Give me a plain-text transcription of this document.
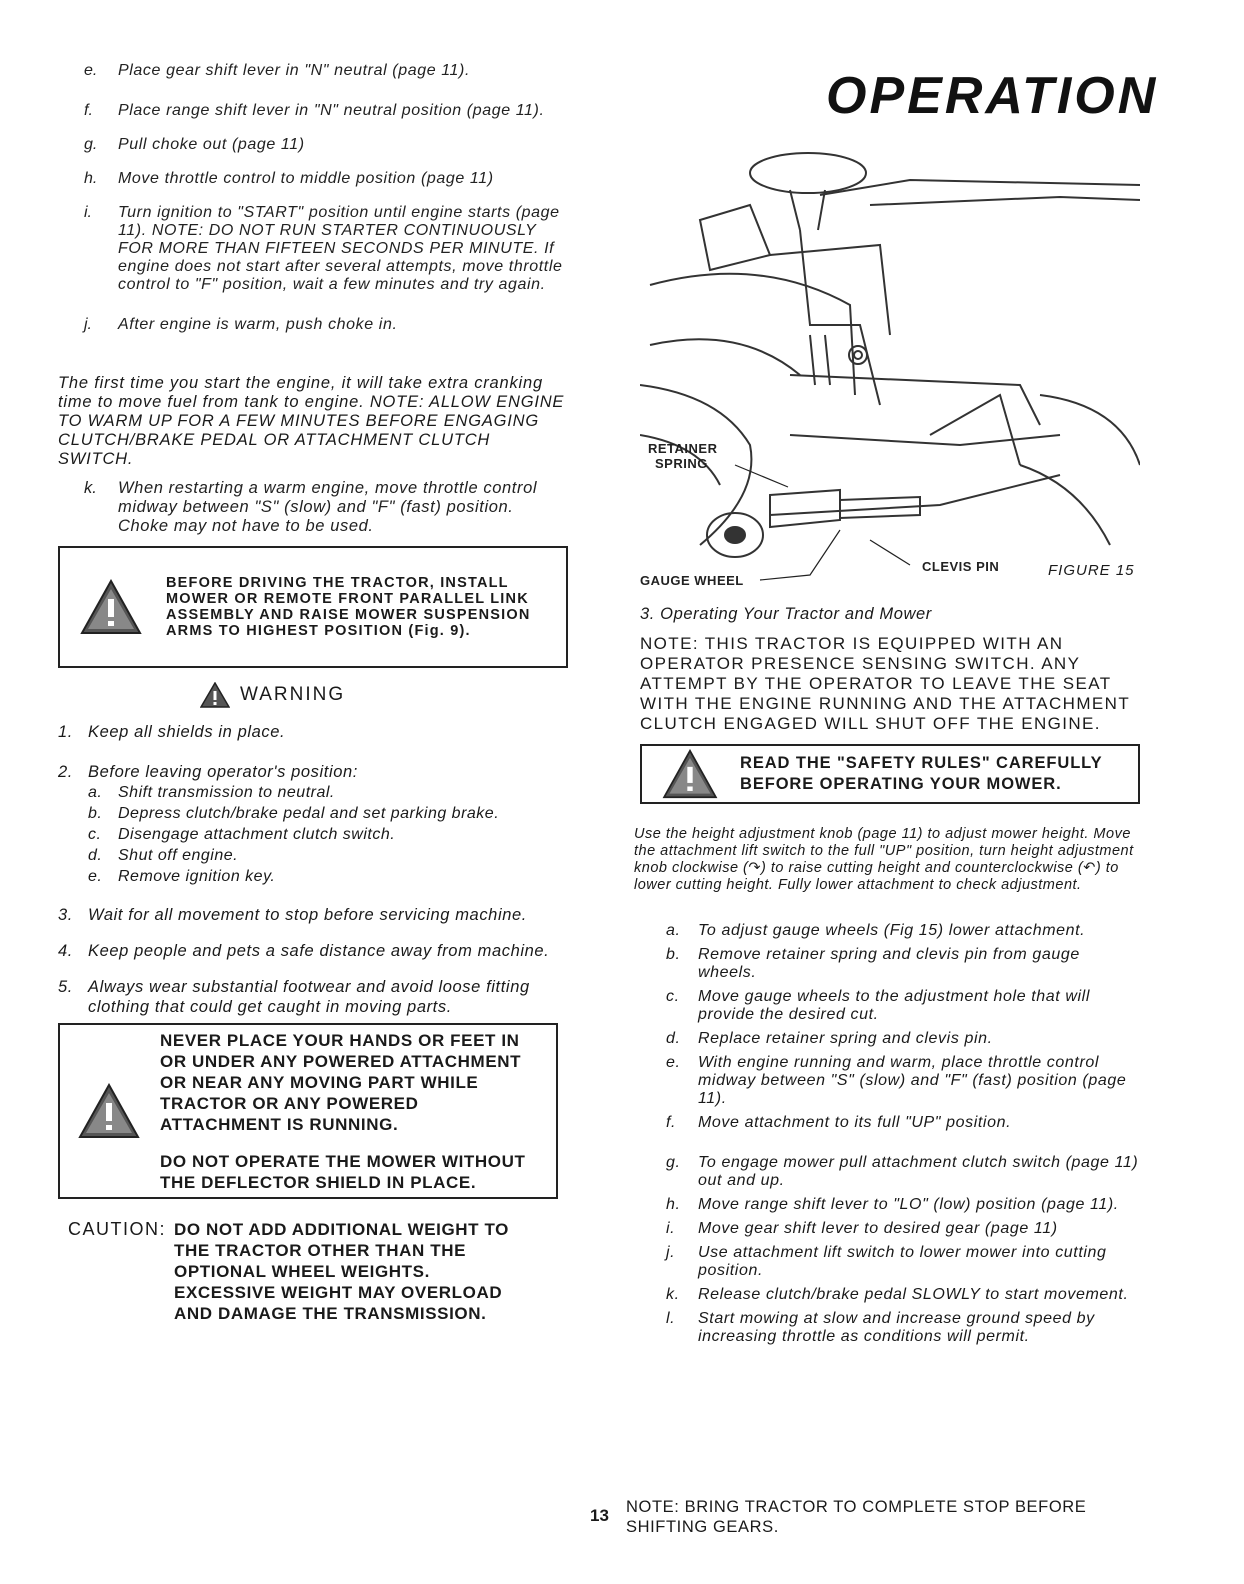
e.	Place gear shift lever in "N" neutral (page 11).
f.	Place range shift lever in "N" neutral position (page 11).
g.	Pull choke out (page 11)
h.	Move throttle control to middle position (page 11)
i.	Turn ignition to "START" position until engine starts (page 11). NOTE: DO NOT RUN STARTER CONTINUOUSLY FOR MORE THAN FIFTEEN SECONDS PER MINUTE. If engine does not start after several attempts, move throttle control to "F" position, wait a few minutes and try again.
j.	After engine is warm, push choke in.

The first time you start the engine, it will take extra cranking time to move fuel from tank to engine. NOTE: ALLOW ENGINE TO WARM UP FOR A FEW MINUTES BEFORE ENGAGING CLUTCH/BRAKE PEDAL OR ATTACHMENT CLUTCH SWITCH.

k.	When restarting a warm engine, move throttle control midway between "S" (slow) and "F" (fast) position. Choke may not have to be used.
BEFORE DRIVING THE TRACTOR, INSTALL MOWER OR REMOTE FRONT PARALLEL LINK ASSEMBLY AND RAISE MOWER SUSPENSION ARMS TO HIGHEST POSITION (Fig. 9).
WARNING
1. Keep all shields in place.
2. Before leaving operator's position:
a. Shift transmission to neutral.
b. Depress clutch/brake pedal and set parking brake.
c.	Disengage attachment clutch switch.
d. Shut off engine.
e. Remove ignition key.
3. Wait for all movement to stop before servicing machine.
4. Keep people and pets a safe distance away from machine.
5. Always wear substantial footwear and avoid loose fitting clothing that could get caught in moving parts.
NEVER PLACE YOUR HANDS OR FEET IN OR UNDER ANY POWERED ATTACHMENT OR NEAR ANY MOVING PART WHILE TRACTOR OR ANY POWERED ATTACHMENT IS RUNNING.
DO NOT OPERATE THE MOWER WITHOUT THE DEFLECTOR SHIELD IN PLACE.
CAUTION: DO NOT ADD ADDITIONAL WEIGHT TO THE TRACTOR OTHER THAN THE OPTIONAL WHEEL WEIGHTS. EXCESSIVE WEIGHT MAY OVERLOAD AND DAMAGE THE TRANSMISSION.
OPERATION
RETAINER
SPRING
GAUGE WHEEL
CLEVIS PIN	FIGURE 15
3. Operating Your Tractor and Mower

NOTE: THIS TRACTOR IS EQUIPPED WITH AN OPERATOR PRESENCE SENSING SWITCH. ANY ATTEMPT BY THE OPERATOR TO LEAVE THE SEAT WITH THE ENGINE RUNNING AND THE ATTACHMENT CLUTCH ENGAGED WILL SHUT OFF THE ENGINE.

READ THE "SAFETY RULES" CAREFULLY BEFORE OPERATING YOUR MOWER.

Use the height adjustment knob (page 11) to adjust mower height. Move the attachment lift switch to the full "UP" position, turn height adjustment knob clockwise (↷) to raise cutting height and counterclockwise (↶) to lower cutting height. Fully lower attachment to check adjustment.

a.	To adjust gauge wheels (Fig 15) lower attachment.
b.	Remove retainer spring and clevis pin from gauge wheels.
c.	Move gauge wheels to the adjustment hole that will provide the desired cut.
d.	Replace retainer spring and clevis pin.
e.	With engine running and warm, place throttle control midway between "S" (slow) and "F" (fast) position (page 11).
f.	Move attachment to its full "UP" position.
g.	To engage mower pull attachment clutch switch (page 11) out and up.
h.	Move range shift lever to "LO" (low) position (page 11).
i.	Move gear shift lever to desired gear (page 11)
j.	Use attachment lift switch to lower mower into cutting position.
k.	Release clutch/brake pedal SLOWLY to start movement.
l.	Start mowing at slow and increase ground speed by increasing throttle as conditions will permit.
13 NOTE: BRING TRACTOR TO COMPLETE STOP BEFORE SHIFTING GEARS.
